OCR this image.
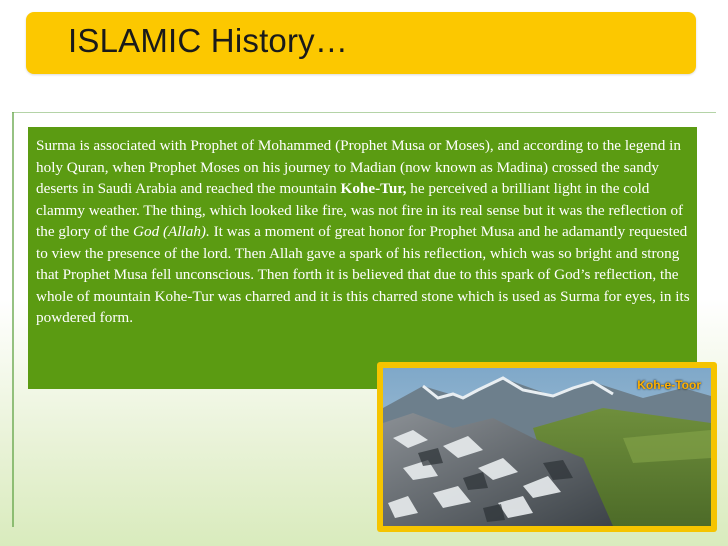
ISLAMIC History…

Surma is associated with Prophet of Mohammed (Prophet Musa or Moses), and according to the legend in holy Quran, when Prophet Moses on his journey to Madian (now known as Madina) crossed the sandy deserts in Saudi Arabia and reached the mountain Kohe-Tur, he perceived a brilliant light in the cold clammy weather. The thing, which looked like fire, was not fire in its real sense but it was the reflection of the glory of the God (Allah). It was a moment of great honor for Prophet Musa and he adamantly requested to view the presence of the lord. Then Allah gave a spark of his reflection, which was so bright and strong that Prophet Musa fell unconscious. Then forth it is believed that due to this spark of God’s reflection, the whole of mountain Kohe-Tur was charred and it is this charred stone which is used as Surma for eyes, in its powdered form.

Koh-e-Toor
